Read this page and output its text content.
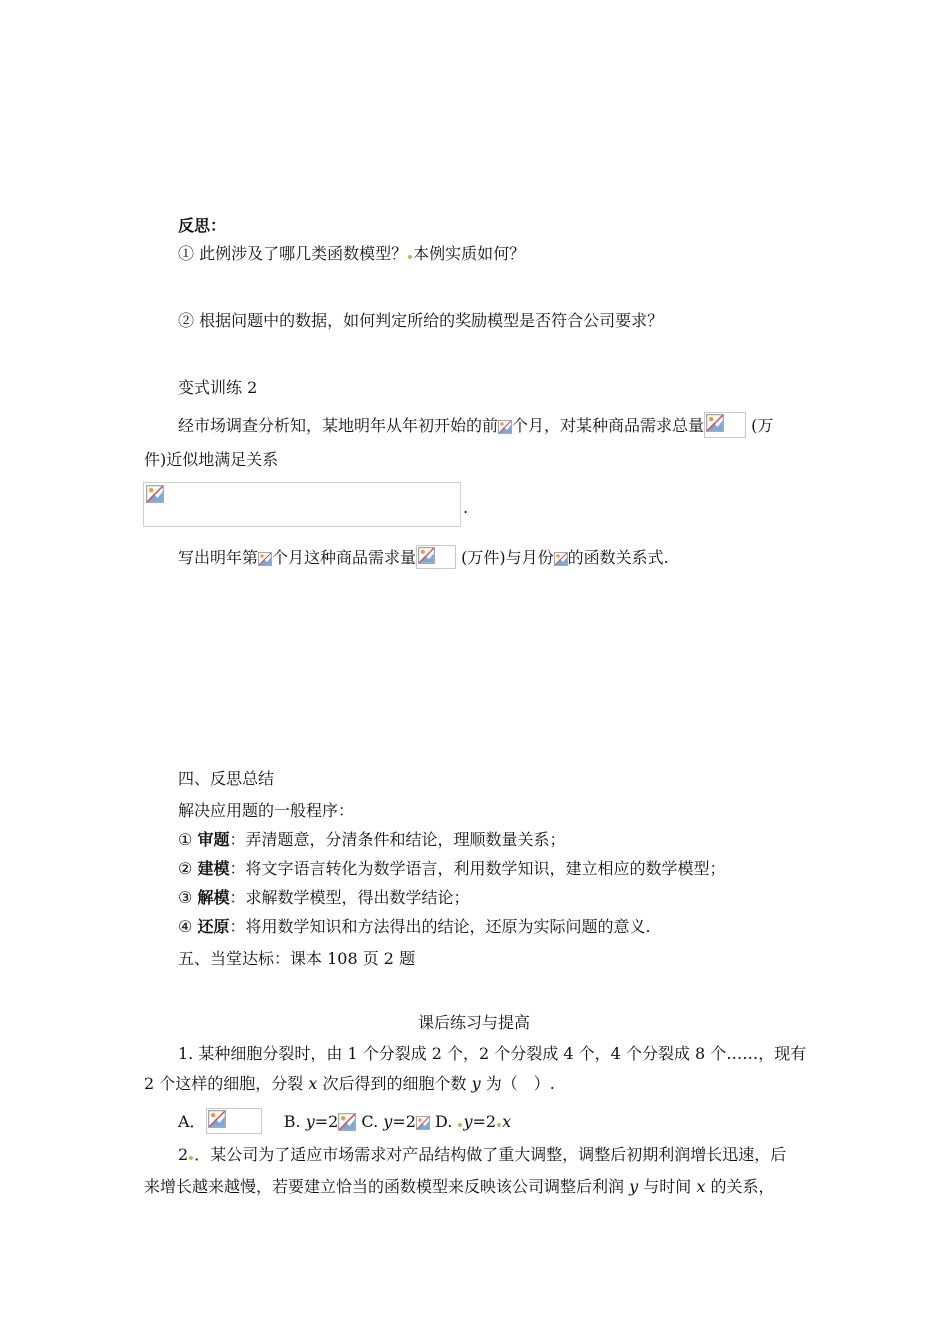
反思：
① 此例涉及了哪几类函数模型？ 本例实质如何？
② 根据问题中的数据，如何判定所给的奖励模型是否符合公司要求？
变式训练 2
经市场调查分析知，某地明年从年初开始的前 个月，对某种商品需求总量	(万
件)近似地满足关系
.
写出明年第 个月这种商品需求量	(万件)与月份 的函数关系式.
四、反思总结
解决应用题的一般程序：
① 审题：弄清题意，分清条件和结论，理顺数量关系；
② 建模：将文字语言转化为数学语言，利用数学知识，建立相应的数学模型；
③ 解模：求解数学模型，得出数学结论；
④ 还原：将用数学知识和方法得出的结论，还原为实际问题的意义.
五、当堂达标：课本 108 页 2 题
课后练习与提高
1. 某种细胞分裂时，由 1 个分裂成 2 个，2 个分裂成 4 个，4 个分裂成 8 个……，现有
2 个这样的细胞，分裂 x 次后得到的细胞个数 y 为（　）.
A．	B. y=2 C. y=2 D. y=2 x
2 ．某公司为了适应市场需求对产品结构做了重大调整，调整后初期利润增长迅速，后
来增长越来越慢，若要建立恰当的函数模型来反映该公司调整后利润 y 与时间 x 的关系，
